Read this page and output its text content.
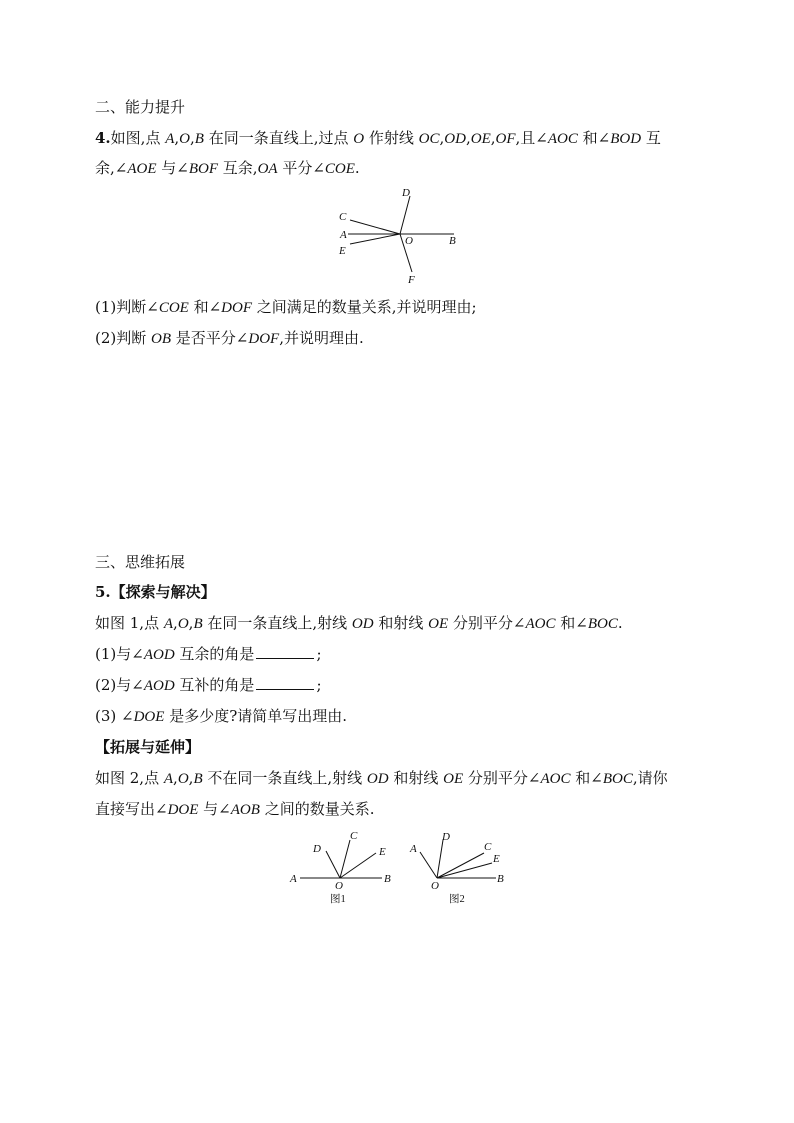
二、能力提升
4.如图,点 A,O,B 在同一条直线上,过点 O 作射线 OC,OD,OE,OF,且∠AOC 和∠BOD 互
余,∠AOE 与∠BOF 互余,OA 平分∠COE.
D
C
A	O	B
E
F
(1)判断∠COE 和∠DOF 之间满足的数量关系,并说明理由;
(2)判断 OB 是否平分∠DOF,并说明理由.
三、思维拓展
5.【探索与解决】
如图 1,点 A,O,B 在同一条直线上,射线 OD 和射线 OE 分别平分∠AOC 和∠BOC.
(1)与∠AOD 互余的角是	;
(2)与∠AOD 互补的角是	;
(3) ∠DOE 是多少度?请简单写出理由.
【拓展与延伸】
如图 2,点 A,O,B 不在同一条直线上,射线 OD 和射线 OE 分别平分∠AOC 和∠BOC,请你
直接写出∠DOE 与∠AOB 之间的数量关系.
C
D	E
A
O
B
图1
D
A	C
E
O
B
图2
